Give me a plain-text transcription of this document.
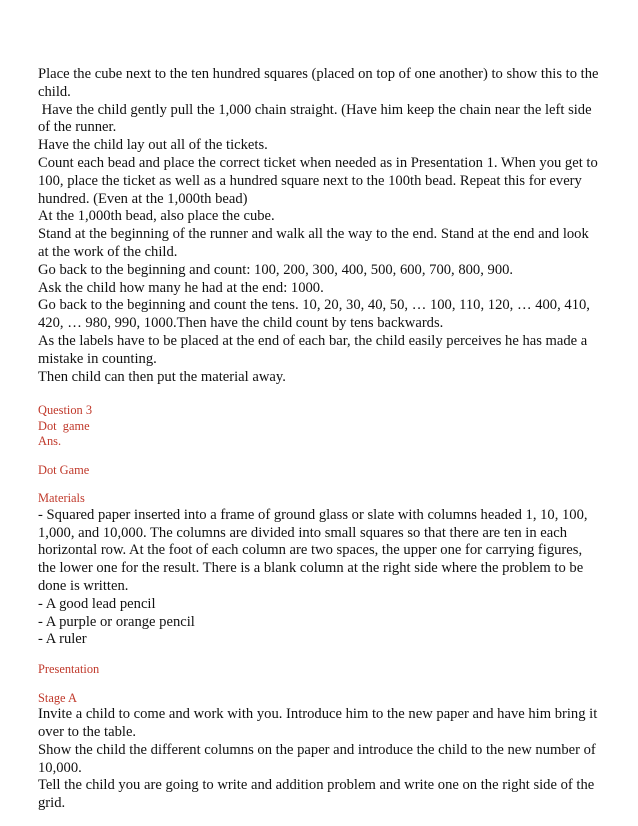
Place the cube next to the ten hundred squares (placed on top of one another) to show this to the

child.

Have the child gently pull the 1,000 chain straight. (Have him keep the chain near the left side

of the runner.

Have the child lay out all of the tickets.

Count each bead and place the correct ticket when needed as in Presentation 1. When you get to

100, place the ticket as well as a hundred square next to the 100th bead. Repeat this for every

hundred. (Even at the 1,000th bead)

At the 1,000th bead, also place the cube.

Stand at the beginning of the runner and walk all the way to the end. Stand at the end and look

at the work of the child.

Go back to the beginning and count: 100, 200, 300, 400, 500, 600, 700, 800, 900.

Ask the child how many he had at the end: 1000.

Go back to the beginning and count the tens. 10, 20, 30, 40, 50, … 100, 110, 120, … 400, 410,

420, … 980, 990, 1000.Then have the child count by tens backwards.

As the labels have to be placed at the end of each bar, the child easily perceives he has made a

mistake in counting.

Then child can then put the material away.

Question 3

Dot  game

Ans.

Dot Game

Materials

- Squared paper inserted into a frame of ground glass or slate with columns headed 1, 10, 100,

1,000, and 10,000. The columns are divided into small squares so that there are ten in each

horizontal row. At the foot of each column are two spaces, the upper one for carrying figures,

the lower one for the result. There is a blank column at the right side where the problem to be

done is written.

- A good lead pencil

- A purple or orange pencil

- A ruler

Presentation

Stage A

Invite a child to come and work with you. Introduce him to the new paper and have him bring it

over to the table.

Show the child the different columns on the paper and introduce the child to the new number of

10,000.

Tell the child you are going to write and addition problem and write one on the right side of the

grid.
